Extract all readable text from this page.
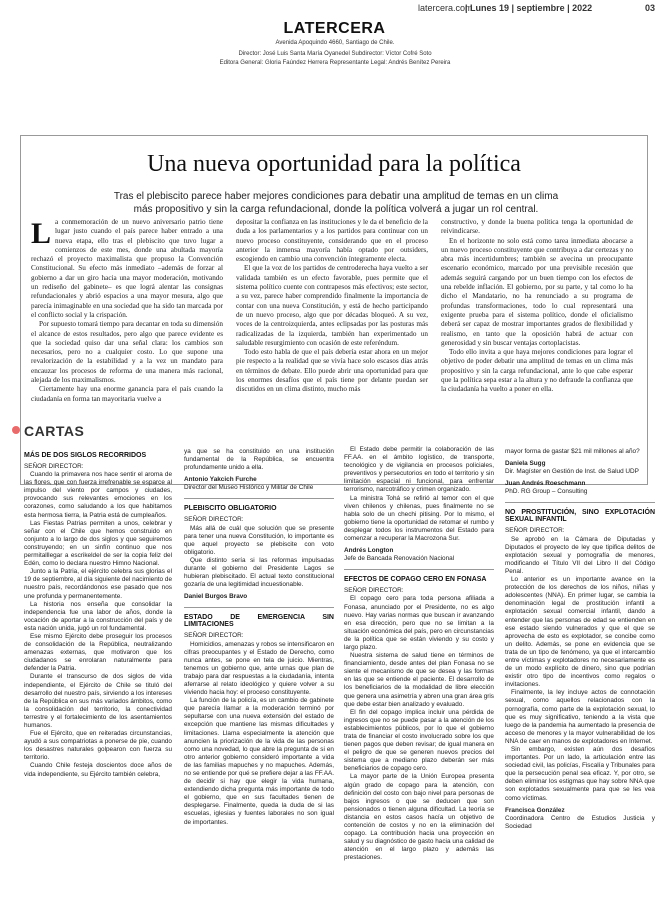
latercera.com
| Lunes 19 | septiembre | 2022	03
LATERCERA
Avenida Apoquindo 4660, Santiago de Chile.
Director: José Luis Santa María Oyanedel Subdirector: Víctor Cofré Soto
Editora General: Gloria Faúndez Herrera Representante Legal: Andrés Benítez Pereira
Una nueva oportunidad para la política
Tras el plebiscito parece haber mejores condiciones para debatir una amplitud de temas en un clima más propositivo y sin la carga refundacional, donde la política volverá a jugar un rol central.
L a conmemoración de un nuevo aniversario patrio tiene lugar justo cuando el país parece haber entrado a una nueva etapa, ello tras el plebiscito que tuvo lugar a comienzos de este mes, donde una abultada mayoría rechazó el proyecto maximalista que propuso la Convención Constitucional. Su efecto más inmediato –además de forzar al gobierno a dar un giro hacia una mayor moderación, motivando un rediseño del gabinete– es que lográ alentar las consignas refundacionales y abrió espacios a una mayor mesura, algo que parecía inimaginable en una sociedad que ha sido tan marcada por el conflicto social y la crispación.

Por supuesto tomará tiempo para decantar en toda su dimensión el alcance de estos resultados, pero algo que parece evidente es que la sociedad quiso dar una señal clara: los cambios son necesarios, pero no a cualquier costo. Lo que supone una revalorización de la estabilidad y a la vez un mandato para encauzar los procesos de reforma de una manera más racional, alejada de los maximalismos.

Ciertamente hay una enorme ganancia para el país cuando la ciudadanía en forma tan mayoritaria vuelve a

depositar la confianza en las instituciones y le da el beneficio de la duda a los parlamentarios y a los partidos para continuar con un nuevo proceso constituyente, considerando que en el proceso anterior la inmensa mayoría había optado por outsiders, escogiendo en cambio una convención íntegramente electa.

El que la voz de los partidos de centroderecha haya vuelto a ser validada también es un efecto favorable, pues permite que el sistema político cuente con contrapesos más efectivos; este sector, a su vez, parece haber comprendido finalmente la importancia de contar con una nueva Constitución, y está de hecho participando de un nuevo proceso, algo que por décadas bloqueó. A su vez, voces de la centroizquierda, antes eclipsadas por las posturas más radicalizadas de la izquierda, también han experimentado un saludable resurgimiento con ocasión de este referéndum.

Todo esto habla de que el país debería estar ahora en un mejor pie respecto a la realidad que se vivía hace solo escasos días atrás en términos de debate. Ello puede abrir una oportunidad para que los enormes desafíos que el país tiene por delante puedan ser discutidos en un clima distinto, mucho más

constructivo, y donde la buena política tenga la oportunidad de reivindicarse.

En el horizonte no solo está como tarea inmediata abocarse a un nuevo proceso constituyente que contribuya a dar certezas y no abra más incertidumbres; también se avecina un preocupante escenario económico, marcado por una previsible recesión que además seguirá cargando por un buen tiempo con los efectos de una rebelde inflación. El gobierno, por su parte, y tal como lo ha dicho el Mandatario, no ha renunciado a su programa de profundas transformaciones, todo lo cual representará una exigente prueba para el sistema político, donde el oficialismo deberá ser capaz de mostrar importantes grados de flexibilidad y realismo, en tanto que la oposición habrá de actuar con generosidad y sin buscar ventajas cortoplacistas.

Todo ello invita a que haya mejores condiciones para lograr el objetivo de poder debatir una amplitud de temas en un clima más propositivo y sin la carga refundacional, ante lo que cabe esperar que la política sepa estar a la altura y no defraude la confianza que la ciudadanía ha vuelto a poner en ella.

CARTAS
MÁS DE DOS SIGLOS RECORRIDOS

SEÑOR DIRECTOR:

Cuando la primavera nos hace sentir el aroma de las flores, que con fuerza irrefrenable se esparce al impulso del viento por campos y ciudades, provocando sus relevantes emociones en los corazones, como saludando a los que habitamos esta hermosa tierra, la Patria está de cumpleaños.

Las Fiestas Patrias permiten a unos, celebrar y señar con el Chile que hemos construido en conjunto a lo largo de dos siglos y que seguiremos construyendo; en un sinfín continuo que nos permitalllegar a escrikeldel de ser la copia feliz del Edén, como lo declara nuestro Himno Nacional.

Junto a la Patria, el ejército celebra sus glorias el 19 de septiembre, al día siguiente del nacimiento de nuestro país, recordándonos ese pasado que nos une profunda y permanentemente.

La historia nos enseña que consolidar la independencia fue una labor de años, donde la vocación de aportar a la construcción del país y de esta nación unida, jugó un rol fundamental.

Ese mismo Ejército debe proseguir los procesos de consolidación de la República, neutralizando amenazas externas, que motivaron que los ciudadanos se enrolaran naturalmente para defender la Patria.

Durante el transcurso de dos siglos de vida independiente, el Ejército de Chile se tituló del desarrollo del nuestro país, sirviendo a los intereses de la República en sus más variados ámbitos, como la consolidación del territorio, la conectividad terrestre y el fortalecimiento de los asentamientos humanos.

Fue el Ejército, que en reiteradas circunstancias, ayudó a sus compatriotas a ponerse de pie, cuando los desastres naturales golpearon con fuerza su territorio.

Cuando Chile festeja doscientos doce años de vida independiente, su Ejército también celebra,

ya que se ha constituido en una institución fundamental de la República, se encuentra profundamente unido a ella.

Antonio Yakcich Furche

Director del Museo Histórico y Militar de Chile

PLEBISCITO OBLIGATORIO

SEÑOR DIRECTOR:

Más allá de cuál que solución que se presente para tener una nueva Constitución, lo importante es que aquel proyecto se plebiscite con voto obligatorio.

Que distinto sería si las reformas impulsadas durante el gobierno del Presidente Lagos se hubieran plebiscitado. El actual texto constitucional gozaría de una legitimidad incuestionable.

Daniel Burgos Bravo

ESTADO DE EMERGENCIA SIN LIMITACIONES

SEÑOR DIRECTOR:

Homicidios, amenazas y robos se intensificaron en cifras preocupantes y el Estado de Derecho, como nunca antes, se pone en tela de juicio. Mientras, tenemos un gobierno que, ante urnas que plan de trabajo para dar respuestas a la ciudadanía, intenta aferrarse al relato ideológico y quiere volver a su viviendo hacia hoy: el proceso constituyente.

La función de la policía, es un cambio de gabinete que parecía llamar a la moderación terminó por sepultarse con una nueva extensión del estado de excepción que mantiene las mismas dificultades y limitaciones. Llama especialmente la atención que anuncien la priorización de la vida de las personas como una novedad, lo que abre la pregunta de si en otro anterior gobierno consideró importante a vida de las familias mapuches y no mapuches. Además, no se entiende por qué se prefiere dejar a las FF.AA. de decidir si hay que elegir la vida humana, extendiendo dicha pregunta más importante de todo el gobierno, que en sus facultades tienen de desplegarse. Finalmente, queda la duda de si las escuelas, iglesias y fuentes laborales no son igual de importantes.

El Estado debe permitir la colaboración de las FF.AA. en el ámbito logístico, de transporte, tecnológico y de vigilancia en procesos policiales, preventivos y persecutorios en todo el territorio y sin limitación espacial ni funcional, para enfrentar terrorismo, narcotráfico y crimen organizado.

La ministra Tohá se refirió al temor con el que viven chilenos y chilenas, pues finalmente no se habla solo de un chechi pitising. Por lo mismo, el gobierno tiene la oportunidad de retomar el rumbo y desplegar todos los instrumentos del Estado para comenzar a recuperar la Macrozona Sur.

Andrés Longton

Jefe de Bancada Renovación Nacional

EFECTOS DE COPAGO CERO EN FONASA

SEÑOR DIRECTOR:

El copago cero para toda persona afiliada a Fonasa, anunciado por el Presidente, no es algo nuevo. Hay varias normas que buscan ir avanzando en esa dirección, pero que no se limitan a la situación económica del país, pero en circunstancias de la política que se están viviendo y su costo y largo plazo.

Nuestra sistema de salud tiene en términos de financiamiento, desde antes del plan Fonasa no se siente el mecanismo de que se desea y las formas en las que se entiende el paciente. El desarrollo de los beneficiarios de la modalidad de libre elección que genera una asimetría y abren una gran área gris que debe estar bien analizado y evaluado.

El fin del copago implica incluir una pérdida de ingresos que no se puede pasar a la atención de los establecimientos públicos, por lo que el gobierno trata de financiar el costo involucrado sobre los que tienen pagos que deben revisar; de igual manera en el peligro de que se generen nuevos precios del sistema que a mediano plazo deberán ser más beneficiarios de copago cero.

La mayor parte de la Unión Europea presenta algún grado de copago para la atención, con definición del costo con bajo nivel para personas de bajos ingresos o que se deducen que son pensionados o tienen alguna dificultad. La teoría se distancia en estos casos hacía un objetivo de contención de costos y no en la eliminación del copago. La contribución hacia una proyección en salud y su diagnóstico de gasto hacia una calidad de atención en el largo plazo y además las prestaciones.

mayor forma de gastar $21 mil millones al año?

Daniela Sugg

Dir. Magíster en Gestión de Inst. de Salud UDP

Juan Andrés Roeschmann

PhD. RG Group – Consulting

NO PROSTITUCIÓN, SINO EXPLOTACIÓN SEXUAL INFANTIL

SEÑOR DIRECTOR:

Se aprobó en la Cámara de Diputadas y Diputados el proyecto de ley que tipifica delitos de explotación sexual y pornografía de menores, modificando el Título VII del Libro II del Código Penal.

Lo anterior es un importante avance en la protección de los derechos de los niños, niñas y adolescentes (NNA). En primer lugar, se cambia la denominación legal de prostitución infantil a explotación sexual comercial infantil, dando a entender que las personas de edad se entienden en ese estado siendo vulnerados y que el que se aprovecha de esto es explotador, se concibe como un delito. Además, se pone en evidencia que se trata de un tipo de fenómeno, ya que el intercambio entre víctimas y explotadores no necesariamente es de un modo explícito de dinero, sino que podrían existir otro tipo de incentivos como regalos o invitaciones.

Finalmente, la ley incluye actos de connotación sexual, como aquellos relacionados con la pornografía, como parte de la explotación sexual, lo que es muy significativo, teniendo a la vista que luego de la pandemia ha aumentado la presencia de acceso de menores y la mayor vulnerabilidad de los NNA de caer en manos de explotadores en Internet.

Sin embargo, existen aún dos desafíos importantes. Por un lado, la articulación entre las sociedad civil, las policías, Fiscalía y Tribunales para que la persecución penal sea eficaz. Y, por otro, se deben eliminar los estigmas que hay sobre NNA que son explotados sexualmente para que se les vea como víctimas.

Francisca González

Coordinadora Centro de Estudios Justicia y Sociedad
